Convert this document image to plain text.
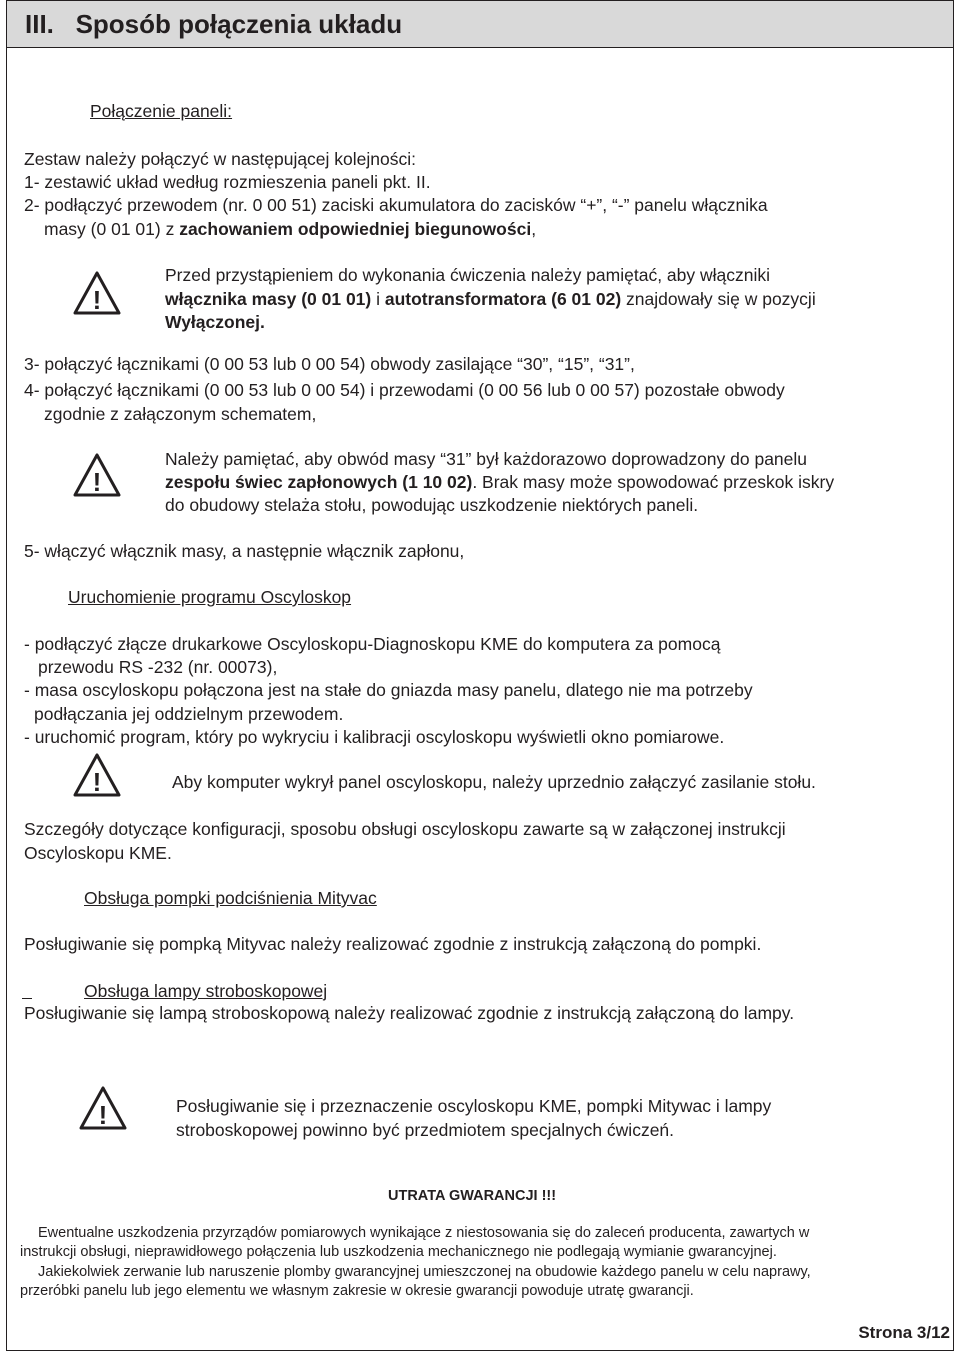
III. Sposób połączenia układu
Połączenie paneli:
Zestaw należy połączyć w następującej kolejności:
1- zestawić układ według rozmieszenia paneli pkt. II.
2- podłączyć przewodem (nr. 0 00 51) zaciski akumulatora do zacisków “+”, “-” panelu włącznika
masy (0 01 01) z zachowaniem odpowiedniej biegunowości,
!
Przed przystąpieniem do wykonania ćwiczenia należy pamiętać, aby włączniki
włącznika masy (0 01 01) i autotransformatora (6 01 02) znajdowały się w pozycji
Wyłączonej.
3- połączyć łącznikami (0 00 53 lub 0 00 54) obwody zasilające “30”, “15”, “31”,
4- połączyć łącznikami (0 00 53 lub 0 00 54) i przewodami (0 00 56 lub 0 00 57) pozostałe obwody
zgodnie z załączonym schematem,
!
Należy pamiętać, aby obwód masy “31” był każdorazowo doprowadzony do panelu
zespołu świec zapłonowych (1 10 02). Brak masy może spowodować przeskok iskry
do obudowy stelaża stołu, powodując uszkodzenie niektórych paneli.
5- włączyć włącznik masy, a następnie włącznik zapłonu,
Uruchomienie programu Oscyloskop
- podłączyć złącze drukarkowe Oscyloskopu-Diagnoskopu KME do komputera za pomocą
przewodu RS -232 (nr. 00073),
- masa oscyloskopu połączona jest na stałe do gniazda masy panelu, dlatego nie ma potrzeby
podłączania jej oddzielnym przewodem.
- uruchomić program, który po wykryciu i kalibracji oscyloskopu wyświetli okno pomiarowe.
!	Aby komputer wykrył panel oscyloskopu, należy uprzednio załączyć zasilanie stołu.
Szczegóły dotyczące konfiguracji, sposobu obsługi oscyloskopu zawarte są w załączonej instrukcji
Oscyloskopu KME.
Obsługa pompki podciśnienia Mityvac
Posługiwanie się pompką Mityvac należy realizować zgodnie z instrukcją załączoną do pompki.
Obsługa lampy stroboskopowej
Posługiwanie się lampą stroboskopową należy realizować zgodnie z instrukcją załączoną do lampy.
!	Posługiwanie się i przeznaczenie oscyloskopu KME, pompki Mitywac i lampy
stroboskopowej powinno być przedmiotem specjalnych ćwiczeń.
UTRATA GWARANCJI !!!
Ewentualne uszkodzenia przyrządów pomiarowych wynikające z niestosowania się do zaleceń producenta, zawartych w
instrukcji obsługi, nieprawidłowego połączenia lub uszkodzenia mechanicznego nie podlegają wymianie gwarancyjnej.
Jakiekolwiek zerwanie lub naruszenie plomby gwarancyjnej umieszczonej na obudowie każdego panelu w celu naprawy,
przeróbki panelu lub jego elementu we własnym zakresie w okresie gwarancji powoduje utratę gwarancji.
Strona 3/12
